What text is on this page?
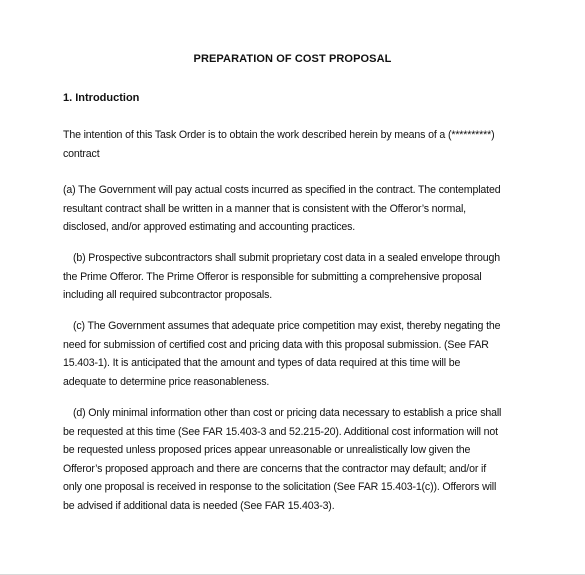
PREPARATION OF COST PROPOSAL
1. Introduction
The intention of this Task Order is to obtain the work described herein by means of a (**********)
contract
(a) The Government will pay actual costs incurred as specified in the contract. The contemplated
resultant contract shall be written in a manner that is consistent with the Offeror’s normal,
disclosed, and/or approved estimating and accounting practices.
(b) Prospective subcontractors shall submit proprietary cost data in a sealed envelope through
the Prime Offeror. The Prime Offeror is responsible for submitting a comprehensive proposal
including all required subcontractor proposals.
(c) The Government assumes that adequate price competition may exist, thereby negating the
need for submission of certified cost and pricing data with this proposal submission. (See FAR
15.403-1). It is anticipated that the amount and types of data required at this time will be
adequate to determine price reasonableness.
(d) Only minimal information other than cost or pricing data necessary to establish a price shall
be requested at this time (See FAR 15.403-3 and 52.215-20). Additional cost information will not
be requested unless proposed prices appear unreasonable or unrealistically low given the
Offeror’s proposed approach and there are concerns that the contractor may default; and/or if
only one proposal is received in response to the solicitation (See FAR 15.403-1(c)). Offerors will
be advised if additional data is needed (See FAR 15.403-3).
